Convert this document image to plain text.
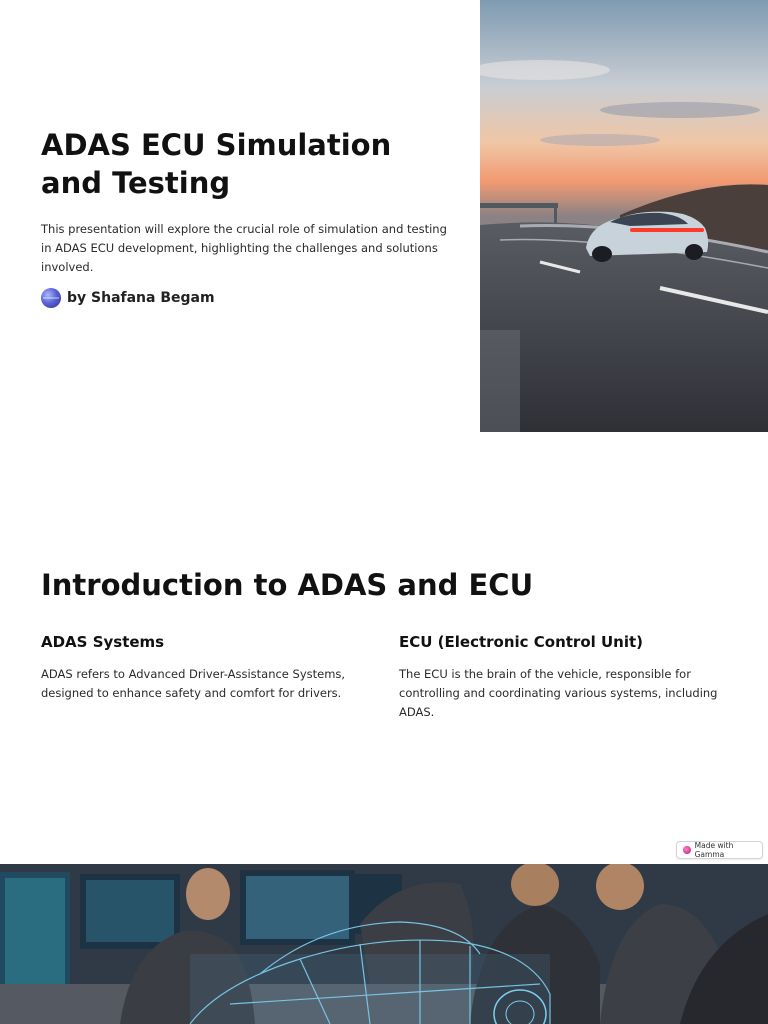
ADAS ECU Simulation and Testing

This presentation will explore the crucial role of simulation and testing in ADAS ECU development, highlighting the challenges and solutions involved.

by Shafana Begam
Introduction to ADAS and ECU
ADAS Systems

ADAS refers to Advanced Driver-Assistance Systems, designed to enhance safety and comfort for drivers.

ECU (Electronic Control Unit)

The ECU is the brain of the vehicle, responsible for controlling and coordinating various systems, including ADAS.

Made with Gamma
